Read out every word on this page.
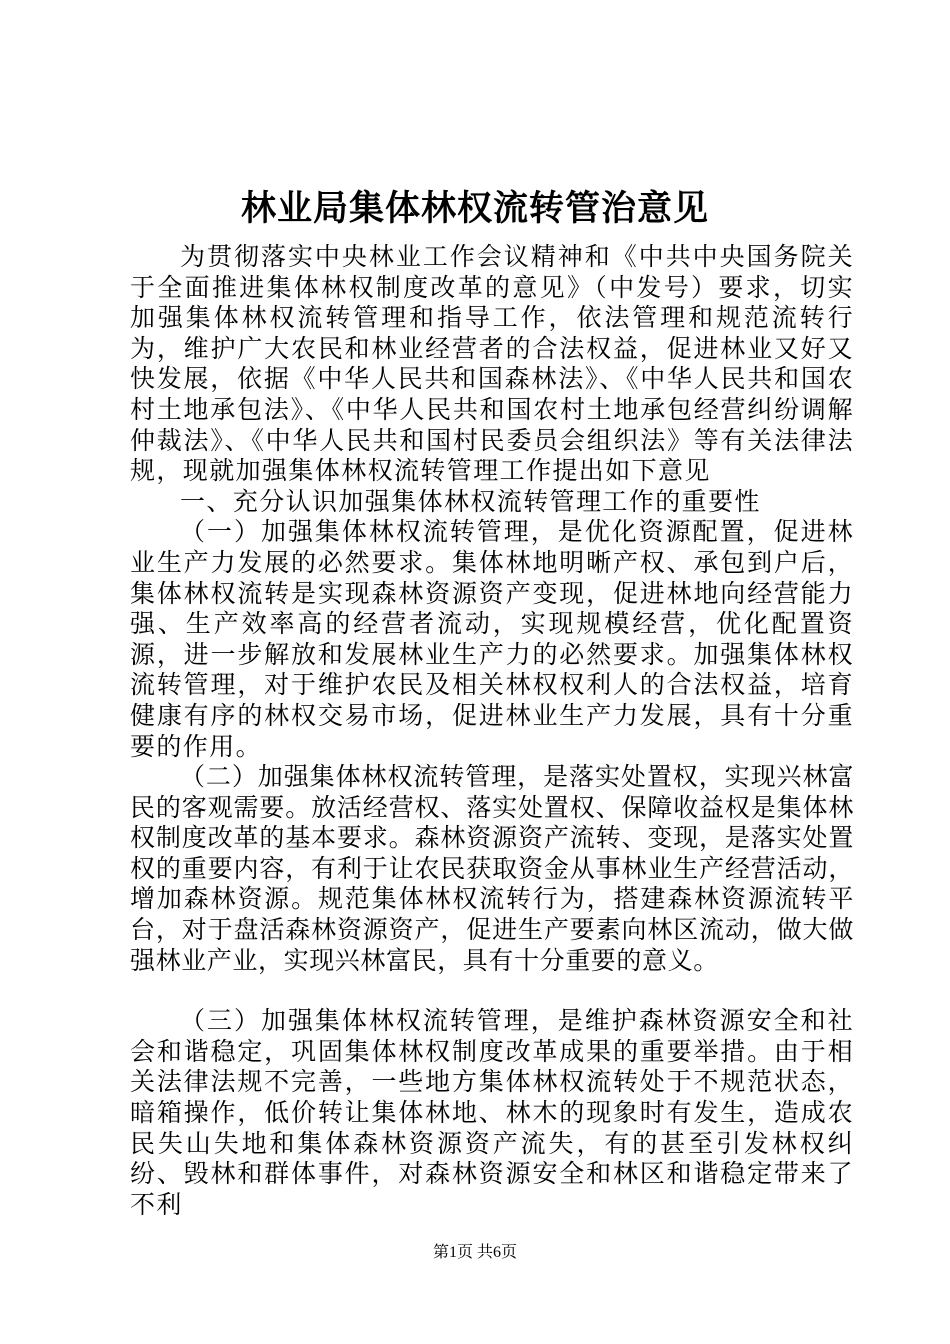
林业局集体林权流转管治意见

为贯彻落实中央林业工作会议精神和《中共中央国务院关于全面推进集体林权制度改革的意见》（中发号）要求，切实加强集体林权流转管理和指导工作，依法管理和规范流转行为，维护广大农民和林业经营者的合法权益，促进林业又好又快发展，依据《中华人民共和国森林法》、《中华人民共和国农村土地承包法》、《中华人民共和国农村土地承包经营纠纷调解仲裁法》、《中华人民共和国村民委员会组织法》等有关法律法规，现就加强集体林权流转管理工作提出如下意见

一、充分认识加强集体林权流转管理工作的重要性

（一）加强集体林权流转管理，是优化资源配置，促进林业生产力发展的必然要求。集体林地明晰产权、承包到户后，集体林权流转是实现森林资源资产变现，促进林地向经营能力强、生产效率高的经营者流动，实现规模经营，优化配置资源，进一步解放和发展林业生产力的必然要求。加强集体林权流转管理，对于维护农民及相关林权权利人的合法权益，培育健康有序的林权交易市场，促进林业生产力发展，具有十分重要的作用。

（二）加强集体林权流转管理，是落实处置权，实现兴林富民的客观需要。放活经营权、落实处置权、保障收益权是集体林权制度改革的基本要求。森林资源资产流转、变现，是落实处置权的重要内容，有利于让农民获取资金从事林业生产经营活动，增加森林资源。规范集体林权流转行为，搭建森林资源流转平台，对于盘活森林资源资产，促进生产要素向林区流动，做大做强林业产业，实现兴林富民，具有十分重要的意义。

（三）加强集体林权流转管理，是维护森林资源安全和社会和谐稳定，巩固集体林权制度改革成果的重要举措。由于相关法律法规不完善，一些地方集体林权流转处于不规范状态，暗箱操作，低价转让集体林地、林木的现象时有发生，造成农民失山失地和集体森林资源资产流失，有的甚至引发林权纠纷、毁林和群体事件，对森林资源安全和林区和谐稳定带来了不利

第1页 共6页
